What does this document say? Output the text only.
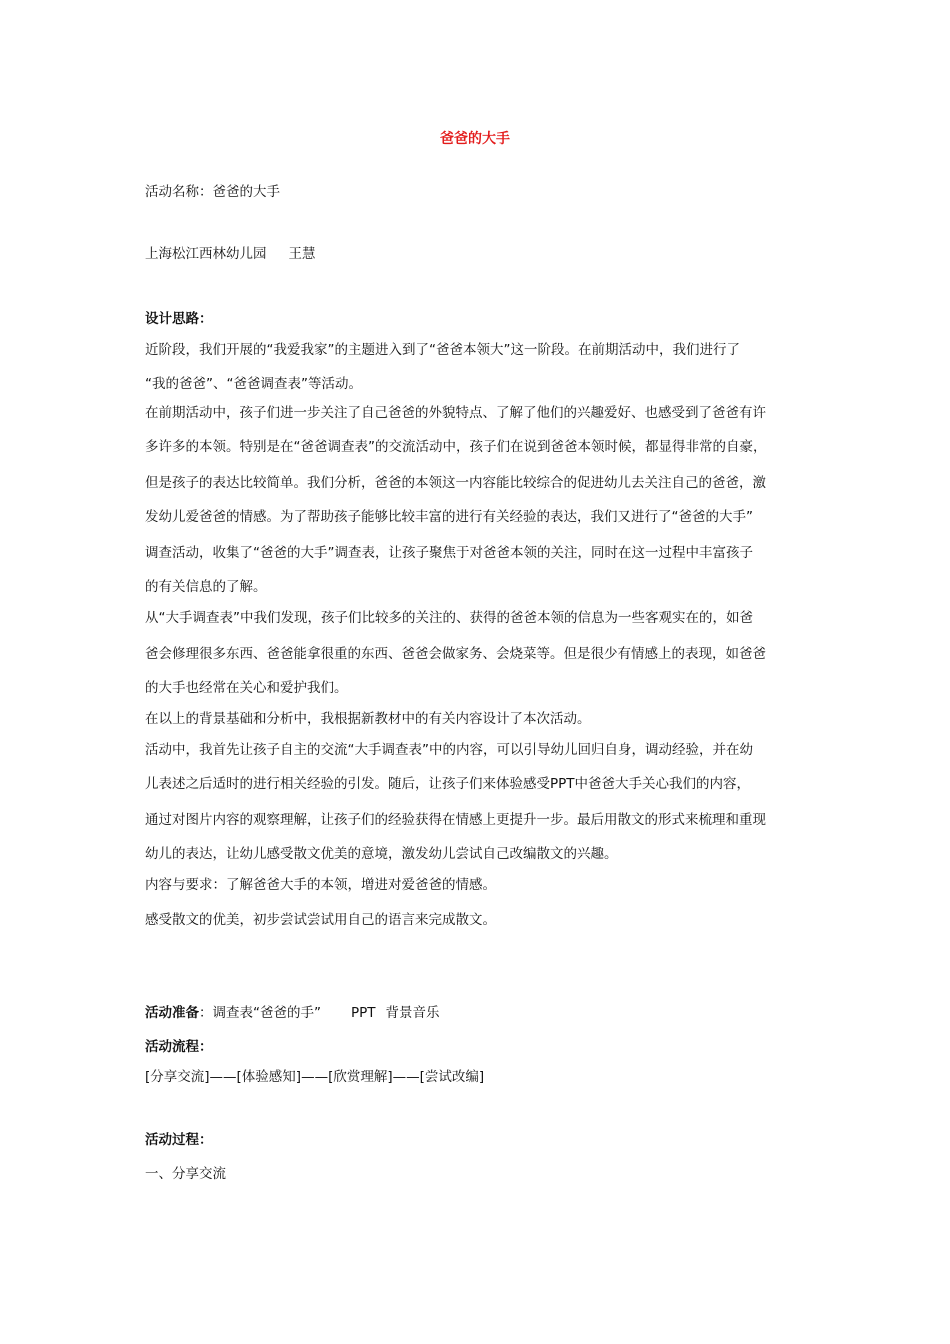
爸爸的大手
活动名称：爸爸的大手
上海松江西林幼儿园 王慧
设计思路：
近阶段，我们开展的“我爱我家”的主题进入到了“爸爸本领大”这一阶段。在前期活动中，我们进行了
“我的爸爸”、“爸爸调查表”等活动。
在前期活动中，孩子们进一步关注了自己爸爸的外貌特点、了解了他们的兴趣爱好、也感受到了爸爸有许
多许多的本领。特别是在“爸爸调查表”的交流活动中，孩子们在说到爸爸本领时候，都显得非常的自豪，
但是孩子的表达比较简单。我们分析，爸爸的本领这一内容能比较综合的促进幼儿去关注自己的爸爸，激
发幼儿爱爸爸的情感。为了帮助孩子能够比较丰富的进行有关经验的表达，我们又进行了“爸爸的大手”
调查活动，收集了“爸爸的大手”调查表，让孩子聚焦于对爸爸本领的关注，同时在这一过程中丰富孩子
的有关信息的了解。
从“大手调查表”中我们发现，孩子们比较多的关注的、获得的爸爸本领的信息为一些客观实在的，如爸
爸会修理很多东西、爸爸能拿很重的东西、爸爸会做家务、会烧菜等。但是很少有情感上的表现，如爸爸
的大手也经常在关心和爱护我们。
在以上的背景基础和分析中，我根据新教材中的有关内容设计了本次活动。
活动中，我首先让孩子自主的交流“大手调查表”中的内容，可以引导幼儿回归自身，调动经验，并在幼
儿表述之后适时的进行相关经验的引发。随后，让孩子们来体验感受PPT中爸爸大手关心我们的内容，
通过对图片内容的观察理解，让孩子们的经验获得在情感上更提升一步。最后用散文的形式来梳理和重现
幼儿的表达，让幼儿感受散文优美的意境，激发幼儿尝试自己改编散文的兴趣。
内容与要求：了解爸爸大手的本领，增进对爱爸爸的情感。
感受散文的优美，初步尝试尝试用自己的语言来完成散文。
活动准备：调查表“爸爸的手” PPT 背景音乐
活动流程：
[分享交流]——[体验感知]——[欣赏理解]——[尝试改编]
活动过程：
一、分享交流
